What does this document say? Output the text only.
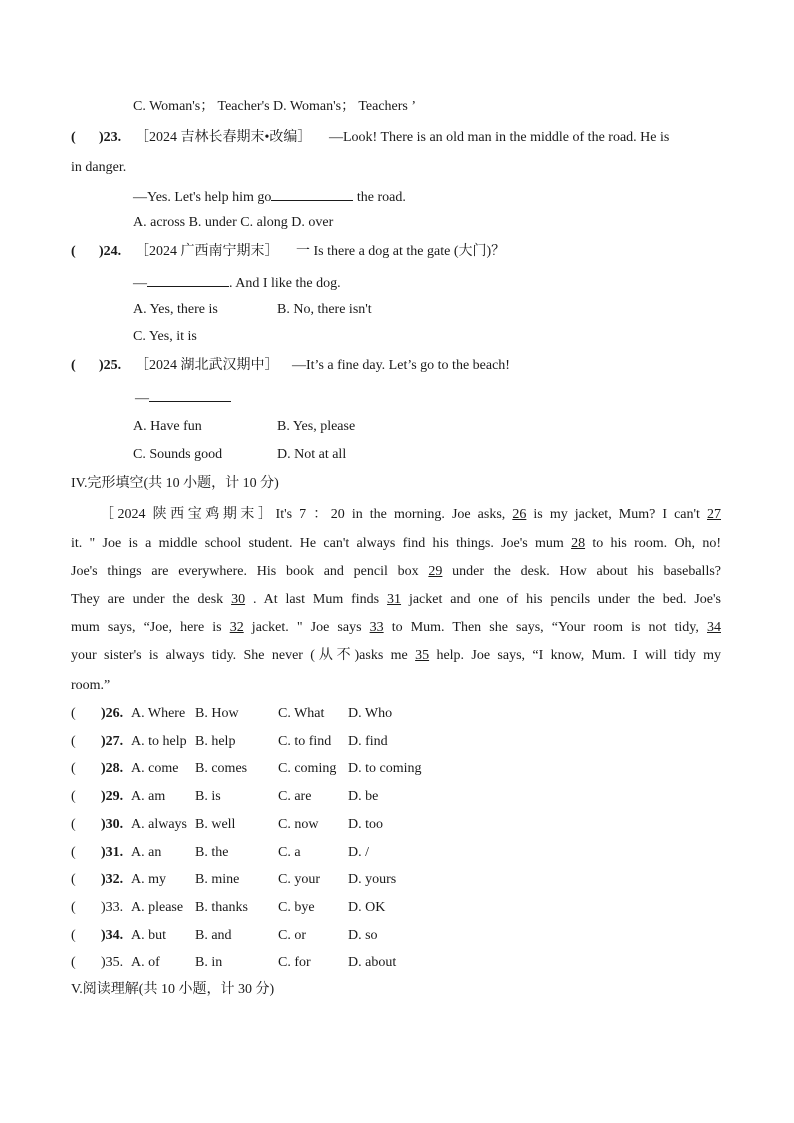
C. Woman's； Teacher's D. Woman's； Teachers ’
( )23. ［2024 吉林长春期末•改编］ —Look! There is an old man in the middle of the road. He is
in danger.
—Yes. Let's help him go	the road.
A. across B. under C. along D. over
( )24. ［2024 广西南宁期末］ 一 Is there a dog at the gate (大门)？
—	. And I like the dog.
A. Yes, there is	B. No, there isn't
C. Yes, it is
( )25. ［2024 湖北武汉期中］ —It’s a fine day. Let’s go to the beach!
—
A. Have fun	B. Yes, please
C. Sounds good	D. Not at all
IV.完形填空(共 10 小题，计 10 分)
［2024 陕西宝鸡期末］It's 7 ：20 in the morning. Joe asks, 26 is my jacket, Mum? I can't 27
it. " Joe is a middle school student. He can't always find his things. Joe's mum 28 to his room. Oh, no!
Joe's things are everywhere. His book and pencil box 29 under the desk. How about his baseballs?
They are under the desk 30 . At last Mum finds 31 jacket and one of his pencils under the bed. Joe's
mum says, “Joe, here is 32 jacket. " Joe says 33 to Mum. Then she says, “Your room is not tidy, 34
your sister's is always tidy. She never (从不)asks me 35 help. Joe says, “I know, Mum. I will tidy my
room.”
( )26. A. Where B. How	C. What D. Who
( )27. A. to help B. help	C. to find D. find
( )28. A. come B. comes C. coming D. to coming
( )29. A. am B. is	C. are	D. be
( )30. A. always B. well	C. now D. too
( )31. A. an B. the	C. a	D. /
( )32. A. my B. mine	C. your D. yours
( )33. A. please B. thanks C. bye D. OK
( )34. A. but B. and	C. or	D. so
( )35. A. of	B. in	C. for	D. about
V.阅读理解(共 10 小题，计 30 分)
